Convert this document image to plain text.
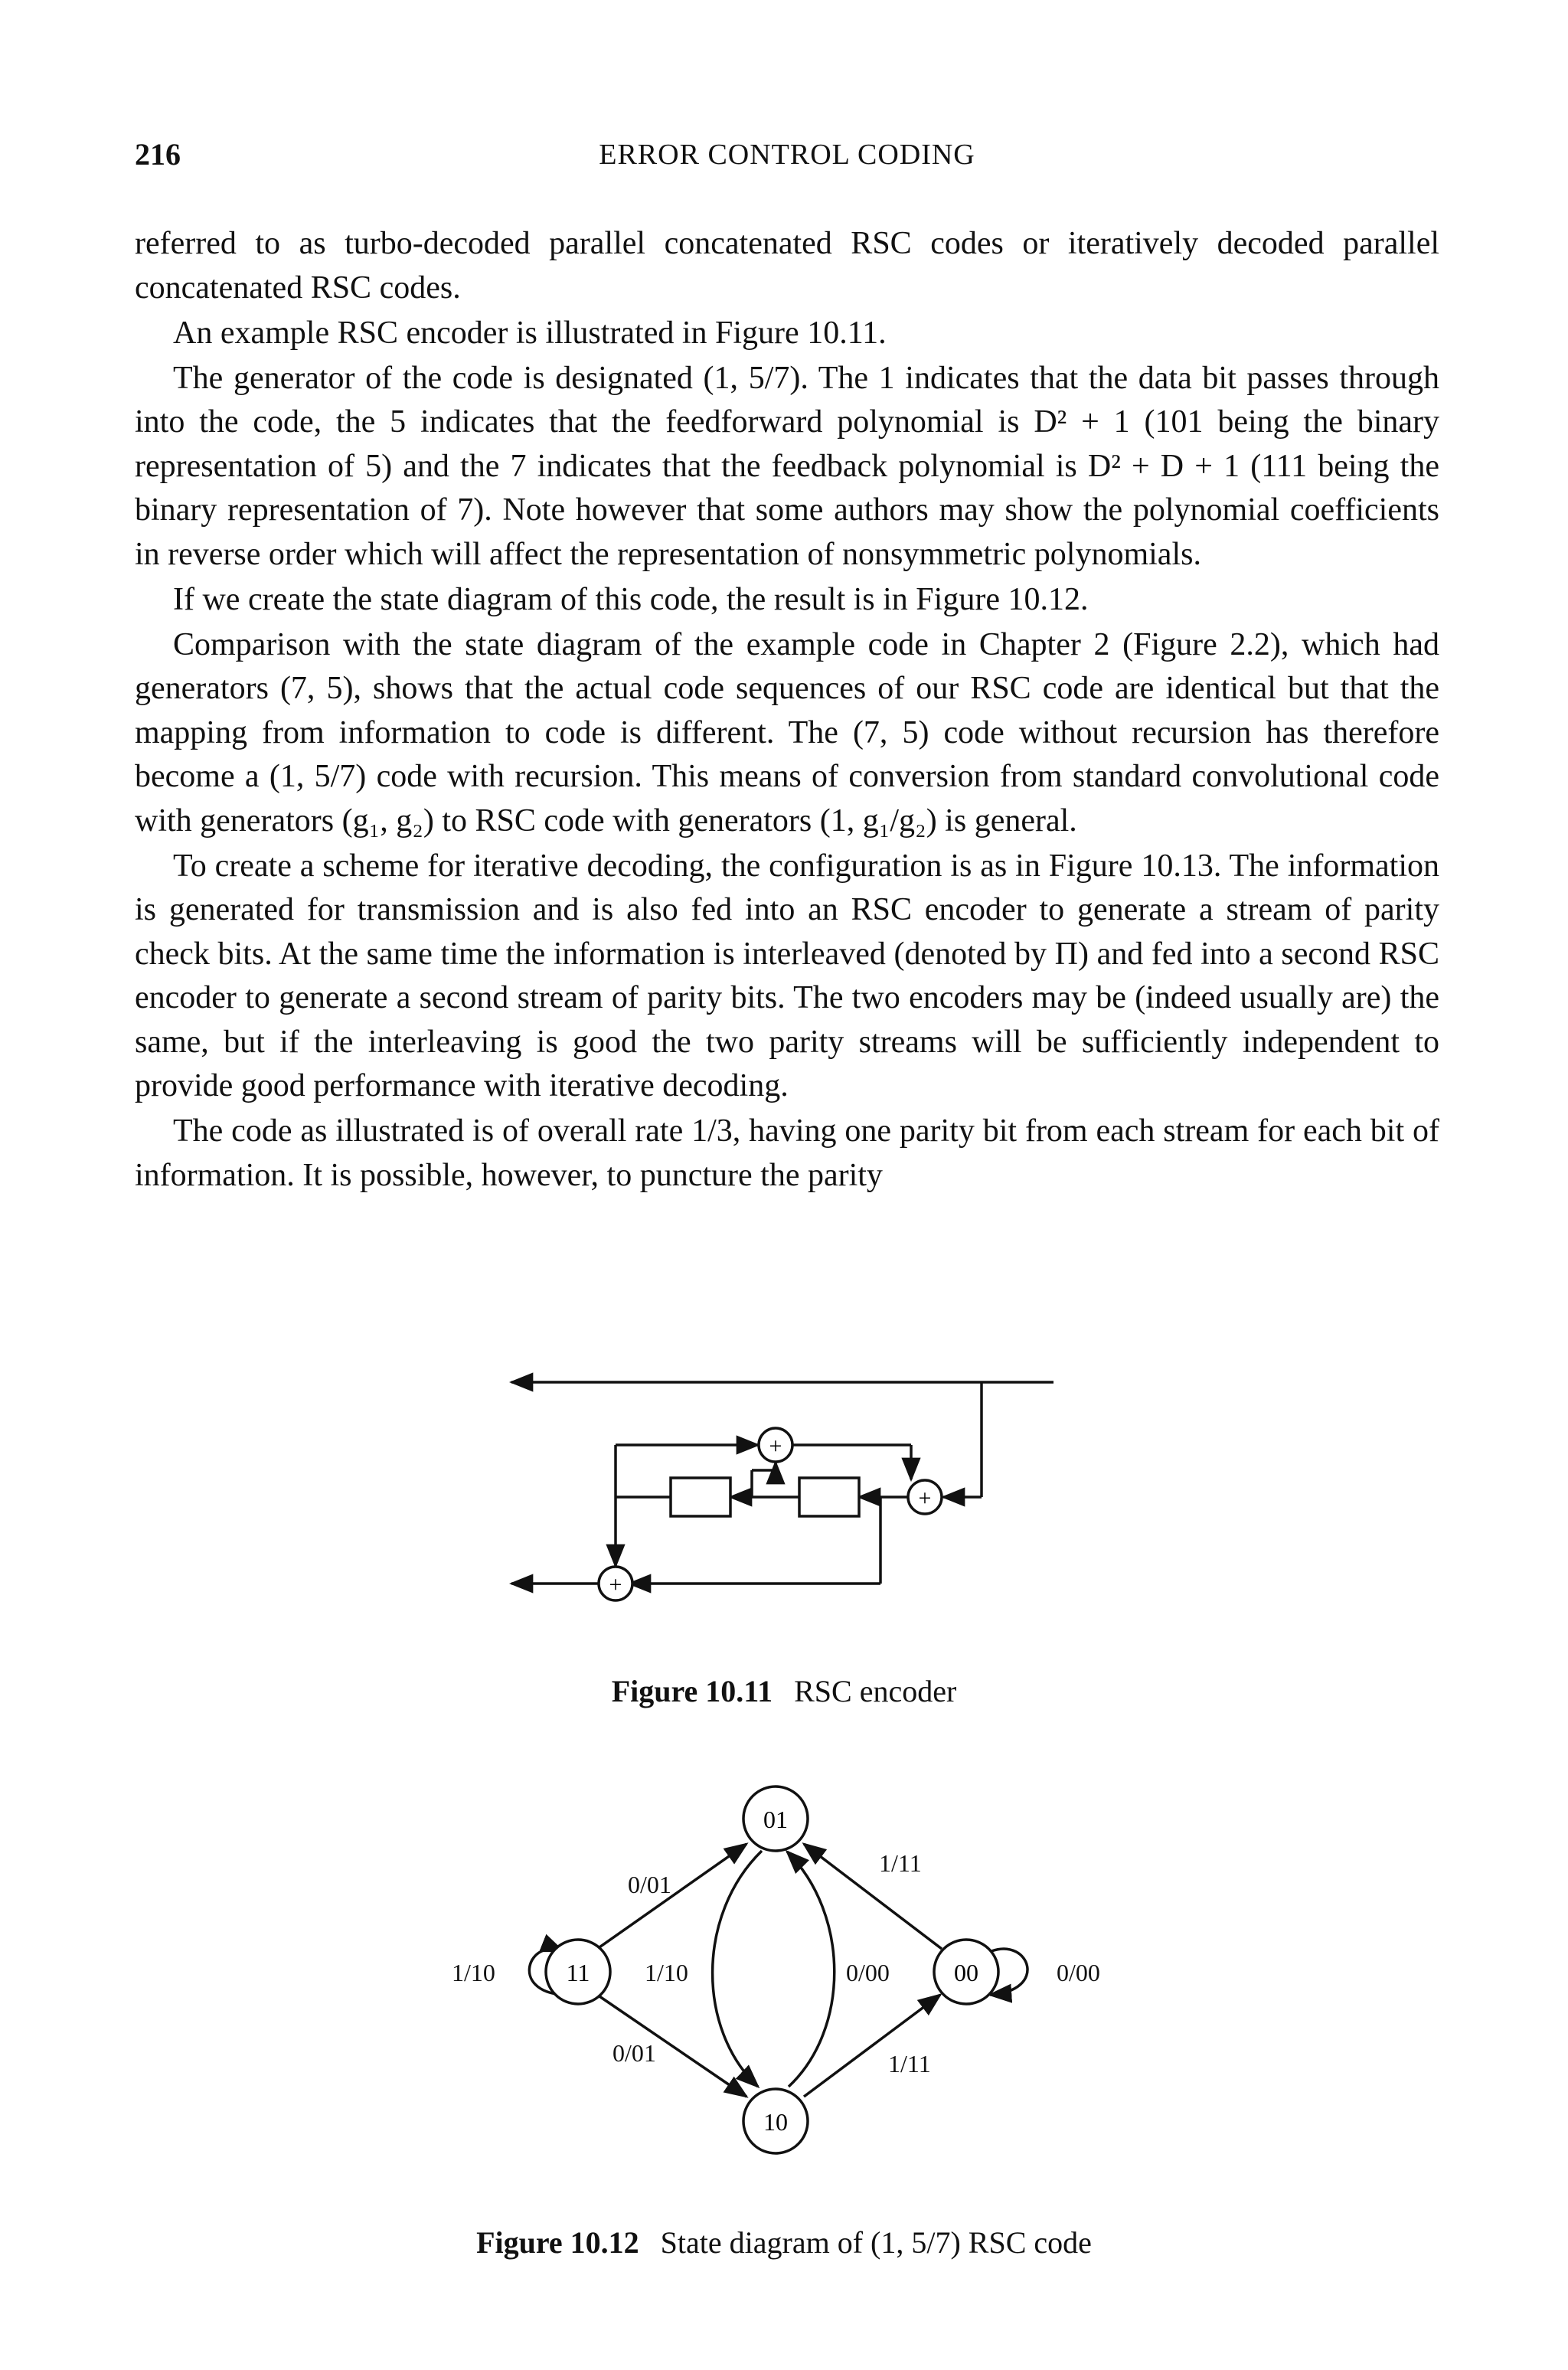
216	ERROR CONTROL CODING

referred to as turbo-decoded parallel concatenated RSC codes or iteratively decoded parallel concatenated RSC codes.

An example RSC encoder is illustrated in Figure 10.11.

The generator of the code is designated (1, 5/7). The 1 indicates that the data bit passes through into the code, the 5 indicates that the feedforward polynomial is D² + 1 (101 being the binary representation of 5) and the 7 indicates that the feedback polynomial is D² + D + 1 (111 being the binary representation of 7). Note however that some authors may show the polynomial coefficients in reverse order which will affect the representation of nonsymmetric polynomials.

If we create the state diagram of this code, the result is in Figure 10.12.

Comparison with the state diagram of the example code in Chapter 2 (Figure 2.2), which had generators (7, 5), shows that the actual code sequences of our RSC code are identical but that the mapping from information to code is different. The (7, 5) code without recursion has therefore become a (1, 5/7) code with recursion. This means of conversion from standard convolutional code with generators (g₁, g₂) to RSC code with generators (1, g₁/g₂) is general.

To create a scheme for iterative decoding, the configuration is as in Figure 10.13. The information is generated for transmission and is also fed into an RSC encoder to generate a stream of parity check bits. At the same time the information is interleaved (denoted by Π) and fed into a second RSC encoder to generate a second stream of parity bits. The two encoders may be (indeed usually are) the same, but if the interleaving is good the two parity streams will be sufficiently independent to provide good performance with iterative decoding.

The code as illustrated is of overall rate 1/3, having one parity bit from each stream for each bit of information. It is possible, however, to puncture the parity

+
+
+
Figure 10.11 RSC encoder
01
11	00
10
0/01
1/11
1/10	1/10	0/00	0/00
0/01	1/11
Figure 10.12 State diagram of (1, 5/7) RSC code
